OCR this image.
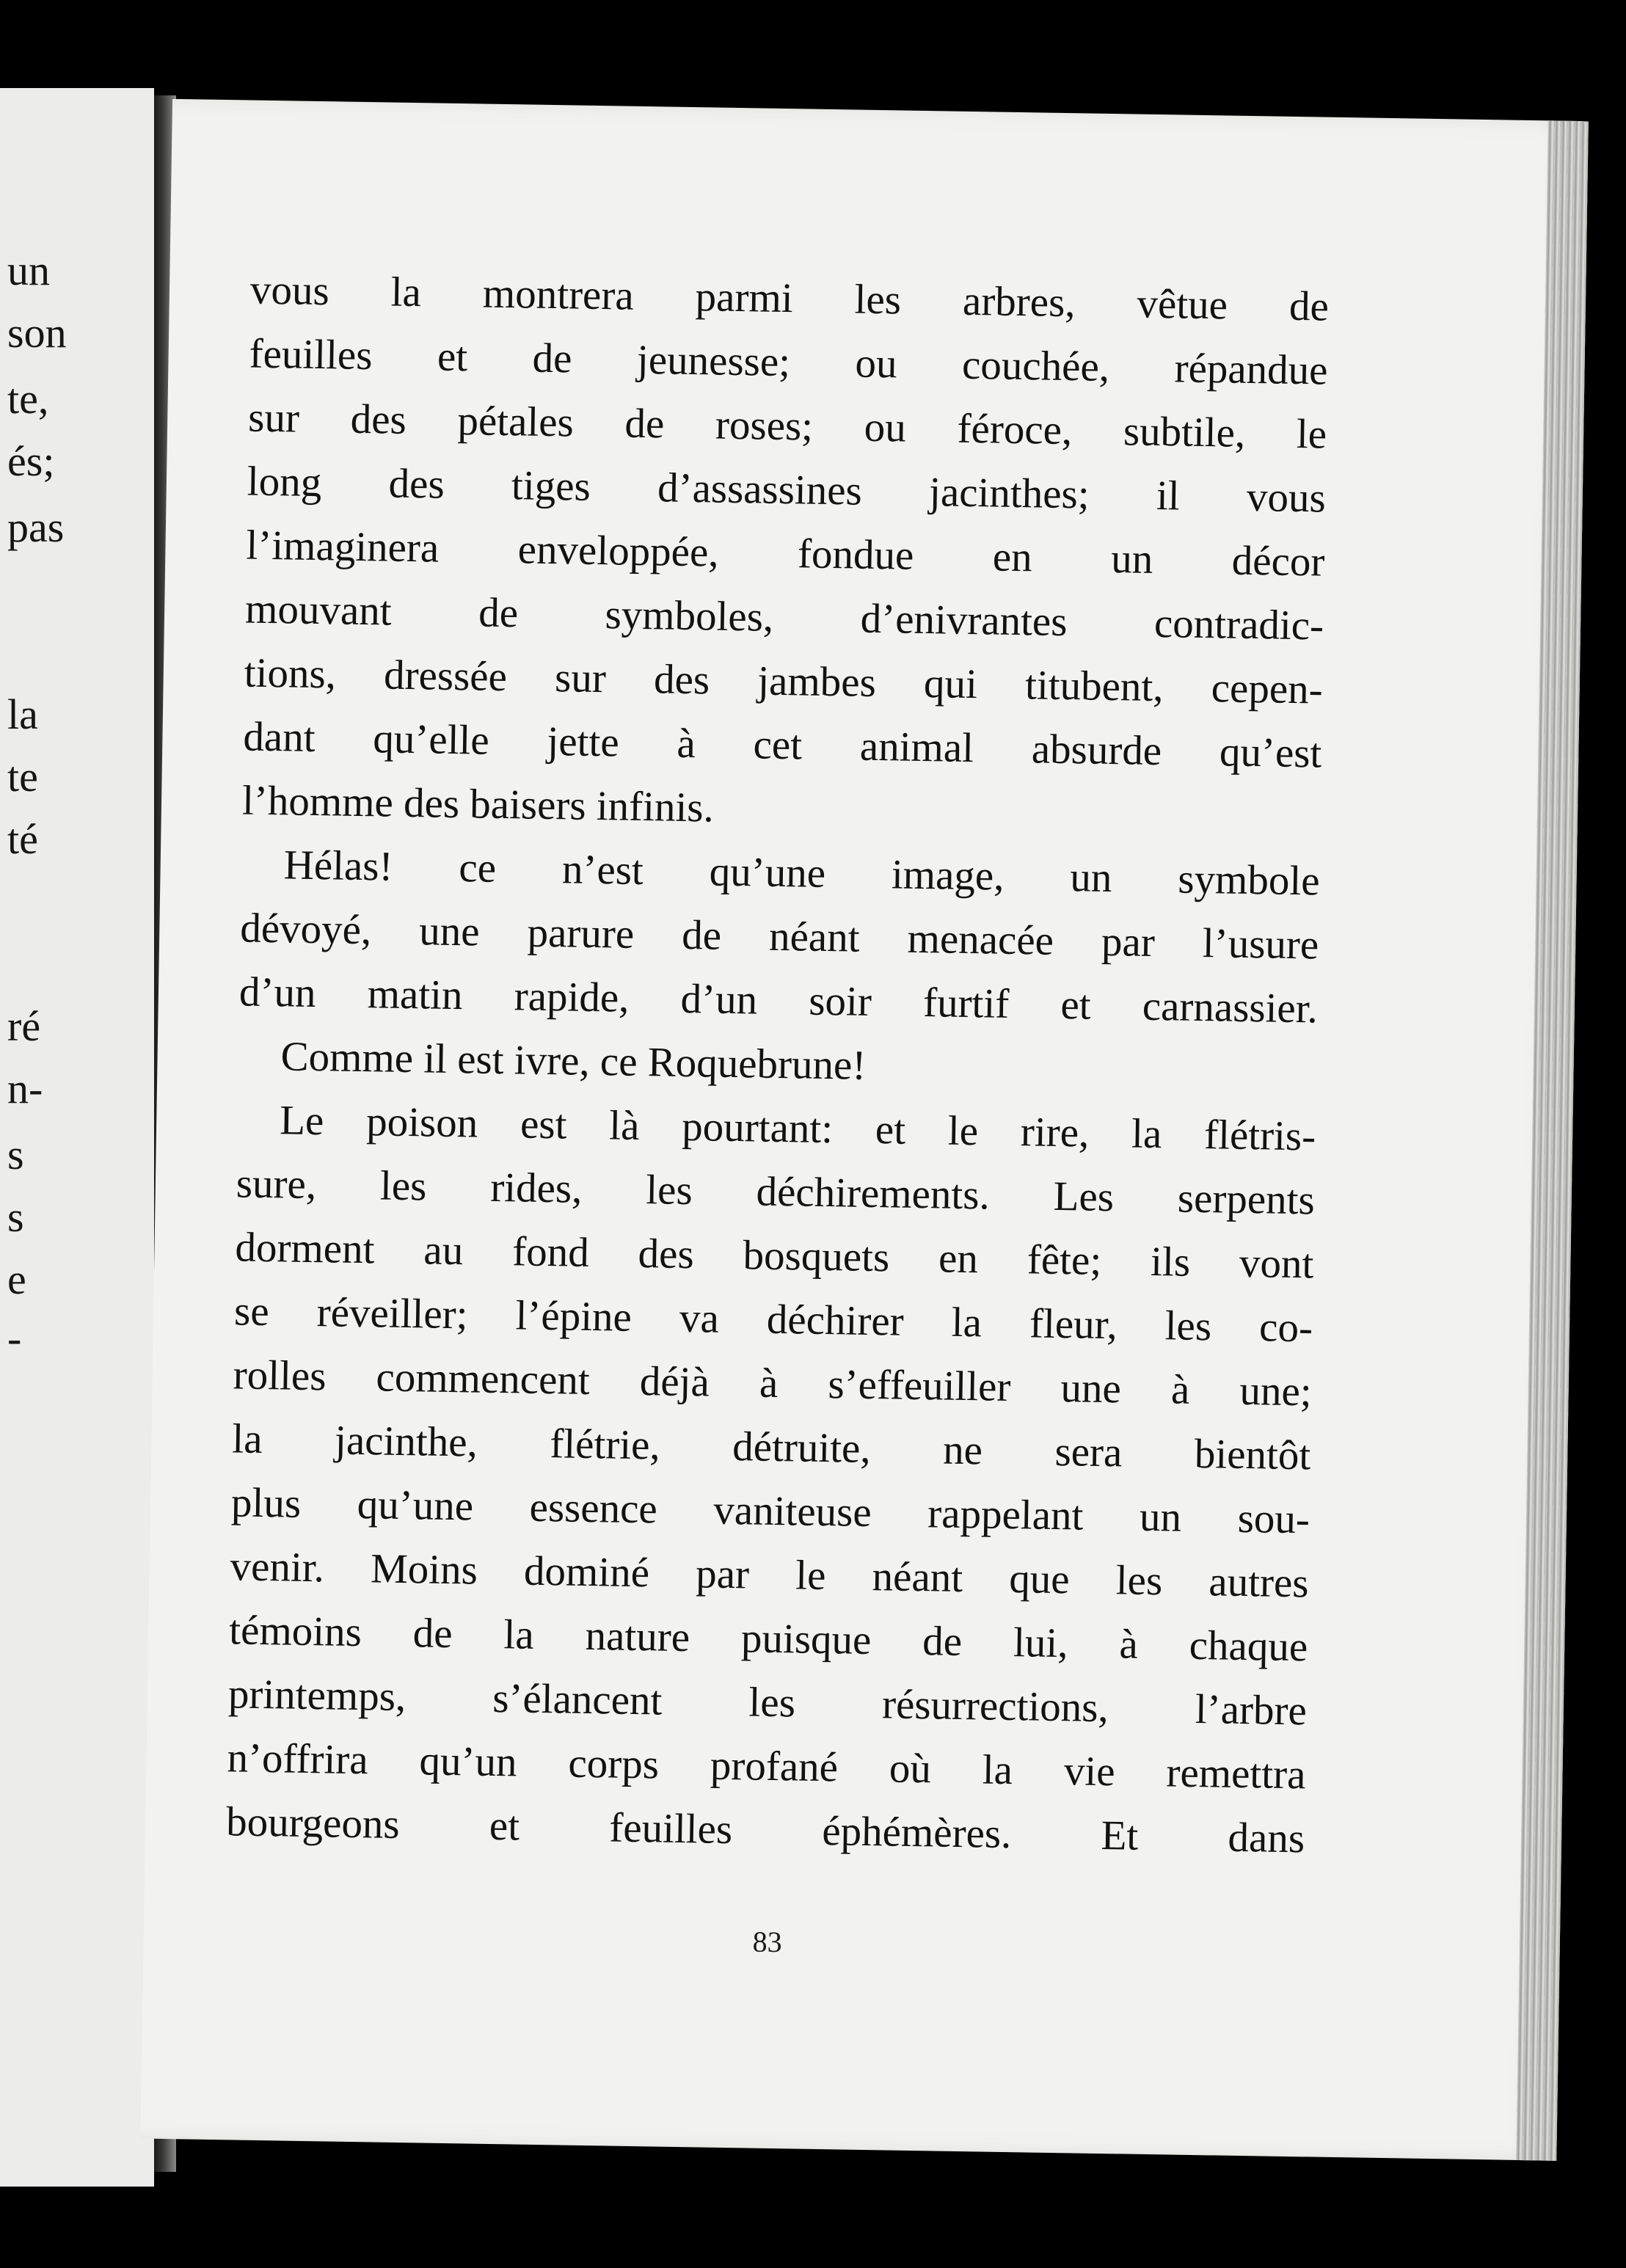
un
son
te,
és;
pas
la
te
té
ré
n-
s
s
e
-
vous la montrera parmi les arbres, vêtue de
feuilles et de jeunesse; ou couchée, répandue
sur des pétales de roses; ou féroce, subtile, le
long des tiges d’assassines jacinthes; il vous
l’imaginera enveloppée, fondue en un décor
mouvant de symboles, d’enivrantes contradic-
tions, dressée sur des jambes qui titubent, cepen-
dant qu’elle jette à cet animal absurde qu’est
l’homme des baisers infinis.
Hélas! ce n’est qu’une image, un symbole
dévoyé, une parure de néant menacée par l’usure
d’un matin rapide, d’un soir furtif et carnassier.
Comme il est ivre, ce Roquebrune!
Le poison est là pourtant: et le rire, la flétris-
sure, les rides, les déchirements. Les serpents
dorment au fond des bosquets en fête; ils vont
se réveiller; l’épine va déchirer la fleur, les co-
rolles commencent déjà à s’effeuiller une à une;
la jacinthe, flétrie, détruite, ne sera bientôt
plus qu’une essence vaniteuse rappelant un sou-
venir. Moins dominé par le néant que les autres
témoins de la nature puisque de lui, à chaque
printemps, s’élancent les résurrections, l’arbre
n’offrira qu’un corps profané où la vie remettra
bourgeons et feuilles éphémères. Et dans
83
